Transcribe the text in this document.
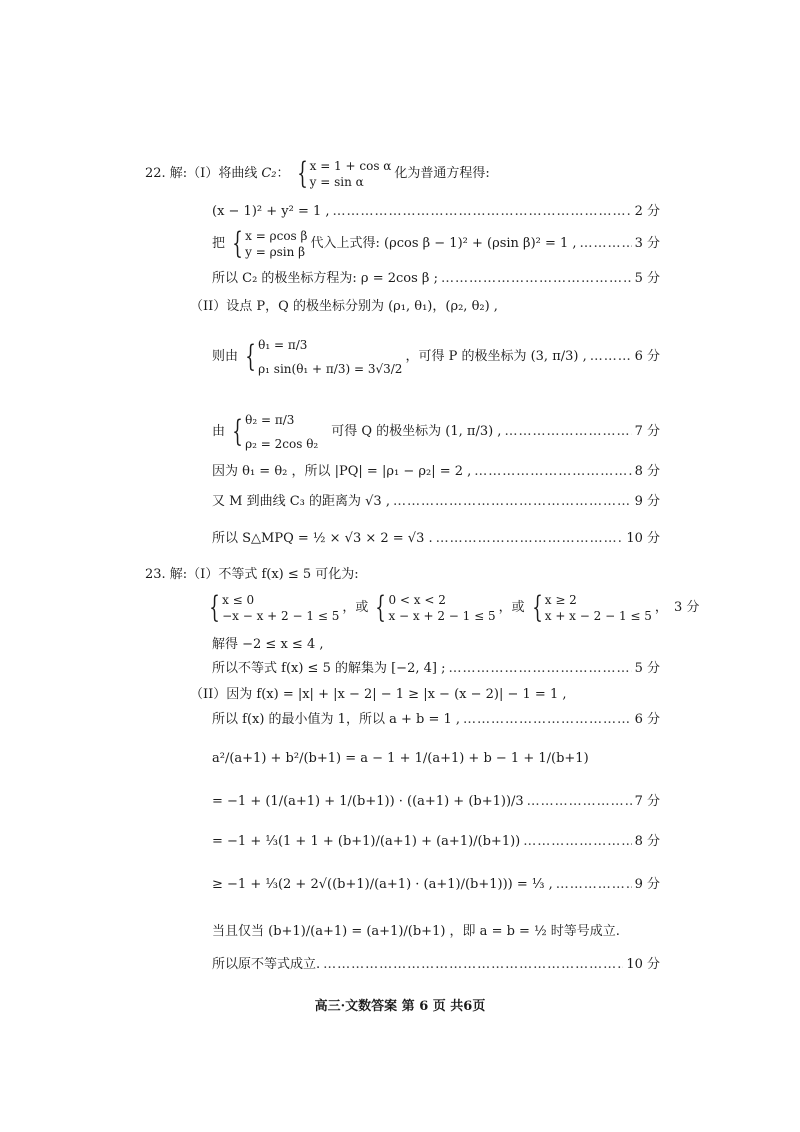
22. 解:（I）将曲线 C₂ ： { x = 1 + cos α
y = sin α
化为普通方程得:
(x − 1)² + y² = 1 , ……………………………………………………………………………………………………………………………………………………………………	2 分
把 { x = ρcos β
y = ρsin β
代入上式得: (ρcos β − 1)² + (ρsin β)² = 1 , ……………………………………………………………………………………………………………………………………………………………………	3 分
所以 C₂ 的极坐标方程为: ρ = 2cos β ; ……………………………………………………………………………………………………………………………………………………………………	5 分
（II）设点 P，Q 的极坐标分别为 (ρ₁, θ₁)，(ρ₂, θ₂) ,
则由 { θ₁ = π/3
ρ₁ sin(θ₁ + π/3) = 3√3/2
，可得 P 的极坐标为 (3, π/3) , ……………………………………………………………………………………………………………………………………………………………………	6 分
由 { θ₂ = π/3
ρ₂ = 2cos θ₂
可得 Q 的极坐标为 (1, π/3) , ……………………………………………………………………………………………………………………………………………………………………	7 分
因为 θ₁ = θ₂ ，所以 |PQ| = |ρ₁ − ρ₂| = 2 , ……………………………………………………………………………………………………………………………………………………………………	8 分
又 M 到曲线 C₃ 的距离为 √3 , ……………………………………………………………………………………………………………………………………………………………………	9 分
所以 S△MPQ = ½ × √3 × 2 = √3 . ……………………………………………………………………………………………………………………………………………………………………	10 分
23. 解:（I）不等式 f(x) ≤ 5 可化为:
{ x ≤ 0
−x − x + 2 − 1 ≤ 5
，或 { 0 < x < 2
x − x + 2 − 1 ≤ 5
，或 { x ≥ 2
x + x − 2 − 1 ≤ 5
， 3 分
解得 −2 ≤ x ≤ 4 ,
所以不等式 f(x) ≤ 5 的解集为 [−2, 4] ; ……………………………………………………………………………………………………………………………………………………………………	5 分
（II）因为 f(x) = |x| + |x − 2| − 1 ≥ |x − (x − 2)| − 1 = 1 ,
所以 f(x) 的最小值为 1，所以 a + b = 1 , ……………………………………………………………………………………………………………………………………………………………………	6 分
a²/(a+1) + b²/(b+1) = a − 1 + 1/(a+1) + b − 1 + 1/(b+1)
= −1 + (1/(a+1) + 1/(b+1)) · ((a+1) + (b+1))/3 ……………………………………………………………………………………………………………………………………………………………………	7 分
= −1 + ⅓(1 + 1 + (b+1)/(a+1) + (a+1)/(b+1)) ……………………………………………………………………………………………………………………………………………………………………	8 分
≥ −1 + ⅓(2 + 2√((b+1)/(a+1) · (a+1)/(b+1))) = ⅓ , ……………………………………………………………………………………………………………………………………………………………………	9 分
当且仅当 (b+1)/(a+1) = (a+1)/(b+1) ，即 a = b = ½ 时等号成立.
所以原不等式成立. ……………………………………………………………………………………………………………………………………………………………………	10 分
高三·文数答案 第 6 页 共6页
